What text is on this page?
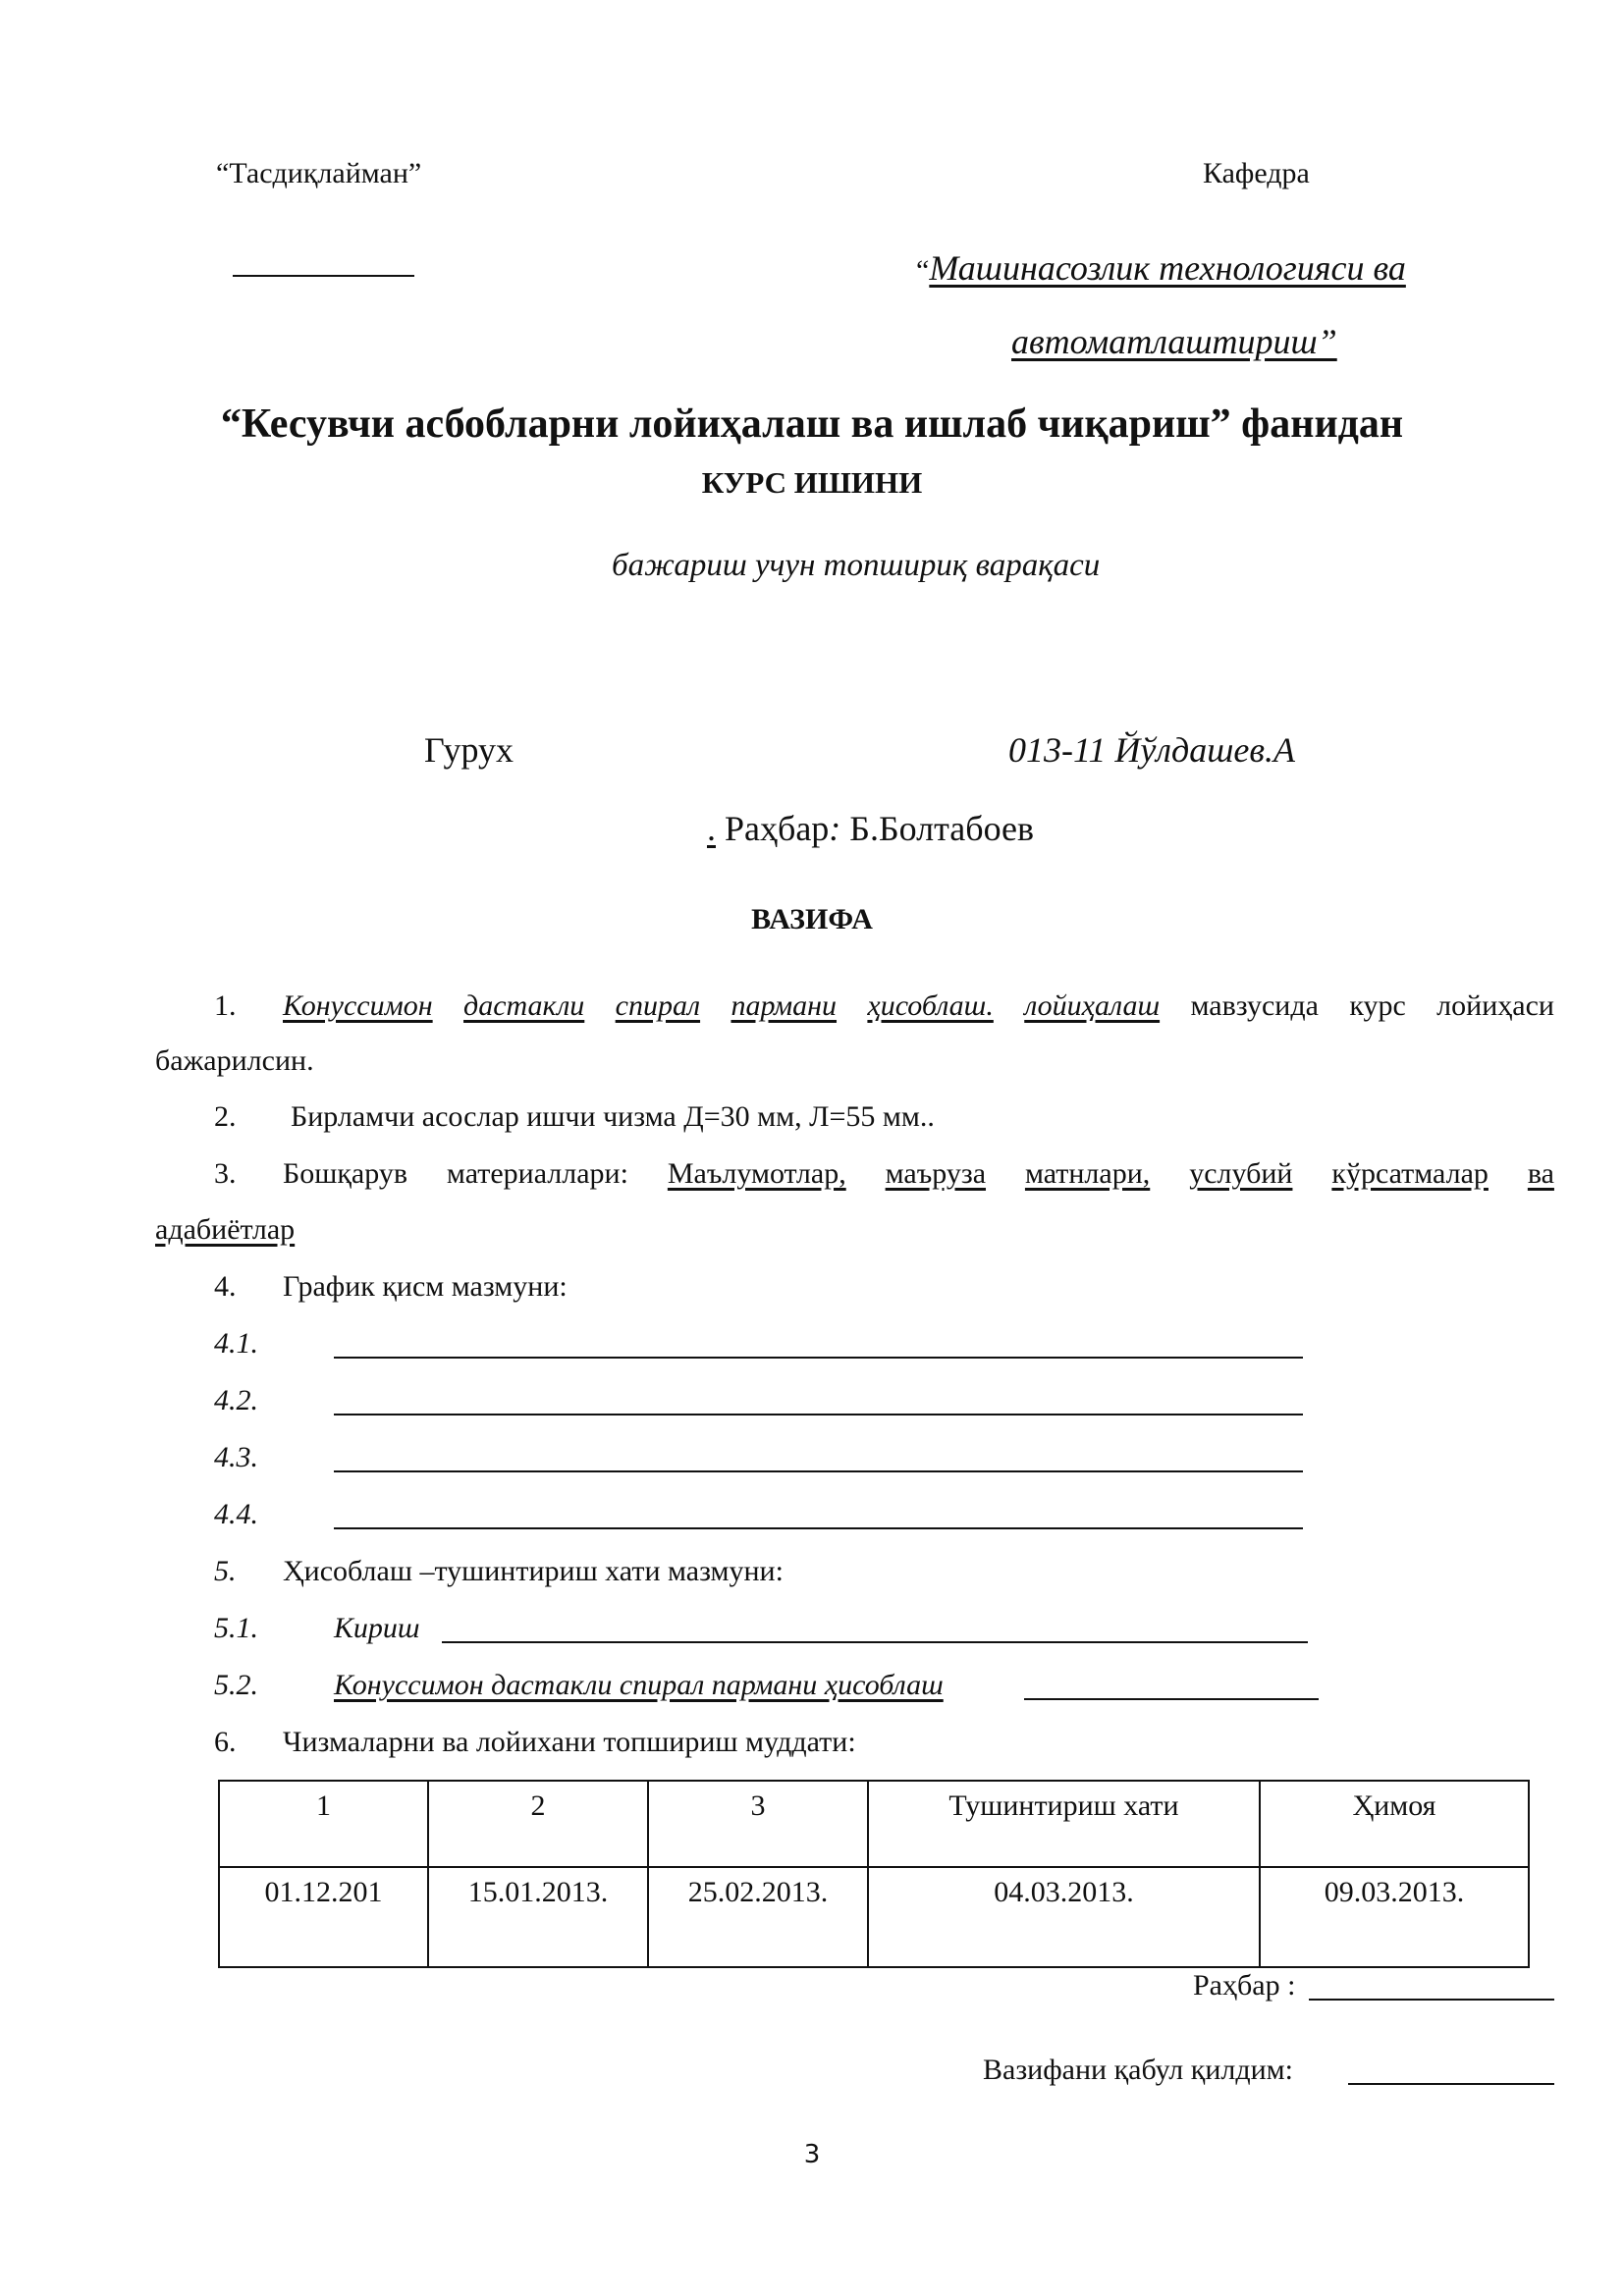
“Тасдиқлайман”	Кафедра
“Машинасозлик технологияси ва
автоматлаштириш”
“Кесувчи асбобларни лойиҳалаш ва ишлаб чиқариш” фанидан
КУРС ИШИНИ
бажариш учун топшириқ варақаси
Гурух	013-11 Йўлдашев.А
. Раҳбар: Б.Болтабоев
ВАЗИФА
1. Конуссимон дастакли спирал пармани ҳисоблаш. лойиҳалаш мавзусида курс лойиҳаси
бажарилсин.
2. Бирламчи асослар ишчи чизма Д=30 мм, Л=55 мм..
3. Бошқарув материаллари: Маълумотлар, маъруза матнлари, услубий кўрсатмалар ва
адабиётлар
4. График қисм мазмуни:
4.1.
4.2.
4.3.
4.4.
5. Ҳисоблаш –тушинтириш хати мазмуни:
5.1.	Кириш
5.2.	Конуссимон дастакли спирал пармани ҳисоблаш
6. Чизмаларни ва лойихани топшириш муддати:
1	2	3	Тушинтириш хати	Ҳимоя
01.12.201	15.01.2013.	25.02.2013.	04.03.2013.	09.03.2013.
Раҳбар :
Вазифани қабул қилдим:
3
